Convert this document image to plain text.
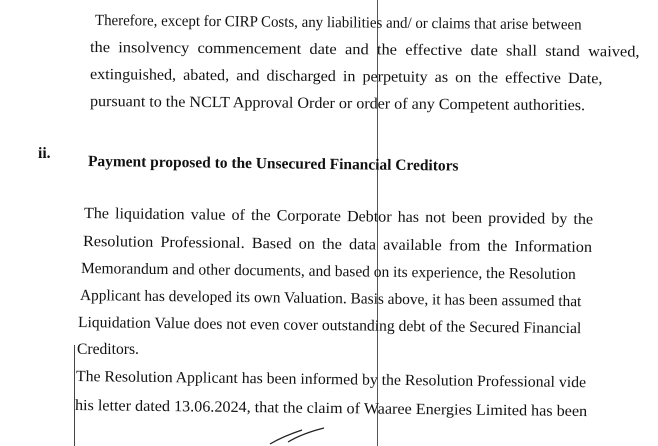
Therefore, except for CIRP Costs, any liabilities and/ or claims that arise between
the insolvency commencement date and the effective date shall stand waived,
extinguished, abated, and discharged in perpetuity as on the effective Date,
pursuant to the NCLT Approval Order or order of any Competent authorities.
ii. Payment proposed to the Unsecured Financial Creditors
The liquidation value of the Corporate Debtor has not been provided by the
Resolution Professional. Based on the data available from the Information
Memorandum and other documents, and based on its experience, the Resolution
Applicant has developed its own Valuation. Basis above, it has been assumed that
Liquidation Value does not even cover outstanding debt of the Secured Financial
Creditors.
The Resolution Applicant has been informed by the Resolution Professional vide
his letter dated 13.06.2024, that the claim of Waaree Energies Limited has been
